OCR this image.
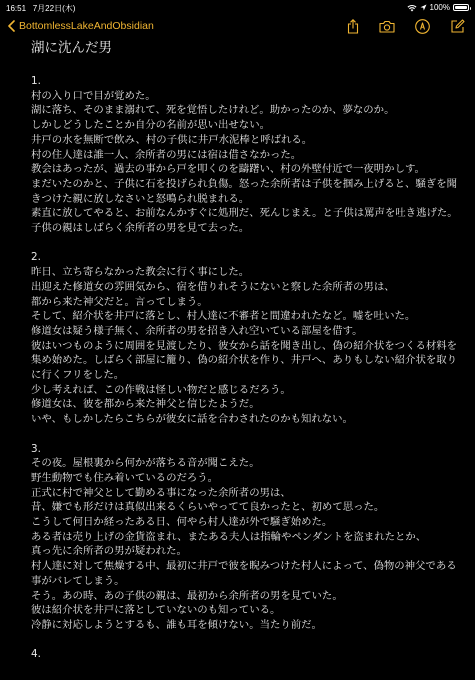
16:51 7月22日(木)	100%
BottomlessLakeAndObsidian
湖に沈んだ男
1.
村の入り口で目が覚めた。
湖に落ち、そのまま溺れて、死を覚悟したけれど。助かったのか、夢なのか。
しかしどうしたことか自分の名前が思い出せない。
井戸の水を無断で飲み、村の子供に井戸水泥棒と呼ばれる。
村の住人達は誰一人、余所者の男には宿は借さなかった。
教会はあったが、過去の事から戸を叩くのを躊躇い、村の外壁付近で一夜明かしす。
まだいたのかと、子供に石を投げられ負傷。怒った余所者は子供を掴み上げると、騒ぎを聞
きつけた親に放しなさいと怒鳴られ脱まれる。
素直に放してやると、お前なんかすぐに処刑だ、死んじまえ。と子供は罵声を吐き逃げた。
子供の親はしばらく余所者の男を見て去った。
2.
昨日、立ち寄らなかった教会に行く事にした。
出迎えた修道女の雰囲気から、宿を借りれそうにないと察した余所者の男は、
都から来た神父だと。言ってしまう。
そして、紹介状を井戸に落とし、村人達に不審者と間違われたなど。嘘を吐いた。
修道女は疑う様子無く、余所者の男を招き入れ空いている部屋を借す。
彼はいつものように周囲を見渡したり、彼女から話を聞き出し、偽の紹介状をつくる材料を
集め始めた。しばらく部屋に籠り、偽の紹介状を作り、井戸へ、ありもしない紹介状を取り
に行くフリをした。
少し考えれば、この作戦は怪しい物だと感じるだろう。
修道女は、彼を都から来た神父と信じたようだ。
いや、もしかしたらこちらが彼女に話を合わされたのかも知れない。
3.
その夜。屋根裏から何かが落ちる音が聞こえた。
野生動物でも住み着いているのだろう。
正式に村で神父として勤める事になった余所者の男は、
昔、嫌でも形だけは真似出来るくらいやってて良かったと、初めて思った。
こうして何日か経ったある日、何やら村人達が外で騒ぎ始めた。
ある者は売り上げの金貨盗まれ、またある夫人は指輪やペンダントを盗まれたとか、
真っ先に余所者の男が疑われた。
村人達に対して焦燥する中、最初に井戸で彼を睨みつけた村人によって、偽物の神父である
事がバレてしまう。
そう。あの時、あの子供の親は、最初から余所者の男を見ていた。
彼は紹介状を井戸に落としていないのも知っている。
冷静に対応しようとするも、誰も耳を傾けない。当たり前だ。
4.
